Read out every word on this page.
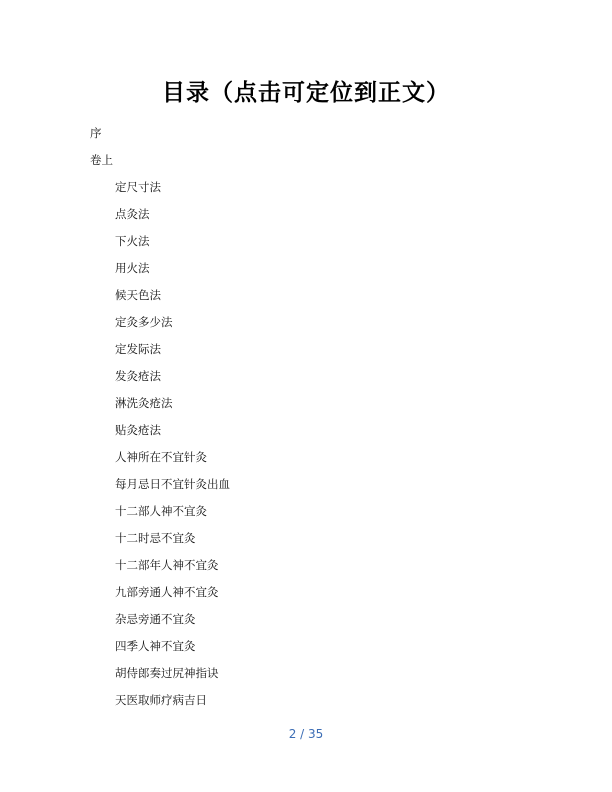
目录（点击可定位到正文）
序
卷上
定尺寸法
点灸法
下火法
用火法
候天色法
定灸多少法
定发际法
发灸疮法
淋洗灸疮法
贴灸疮法
人神所在不宜针灸
每月忌日不宜针灸出血
十二部人神不宜灸
十二时忌不宜灸
十二部年人神不宜灸
九部旁通人神不宜灸
杂忌旁通不宜灸
四季人神不宜灸
胡侍郎奏过尻神指诀
天医取师疗病吉日
2 / 35
